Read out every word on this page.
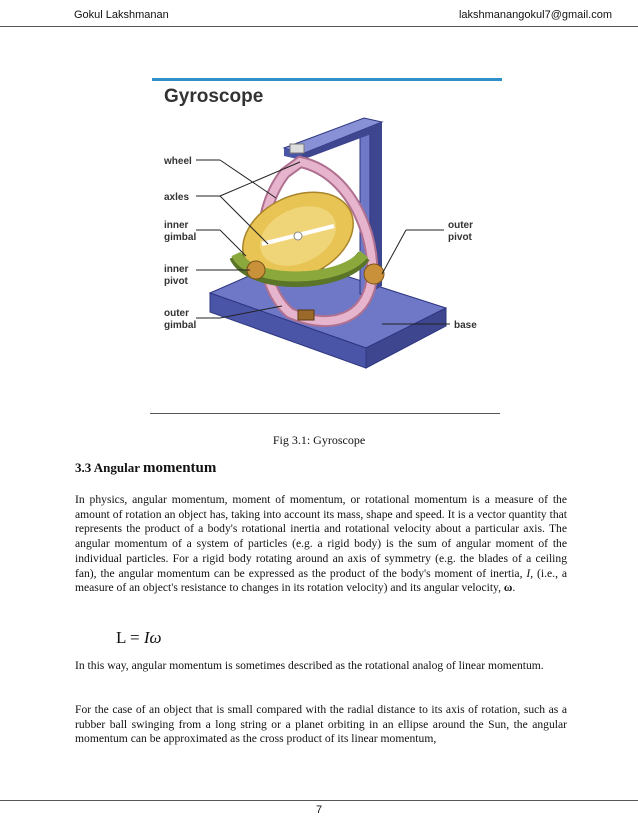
Gokul Lakshmanan	lakshmanangokul7@gmail.com
Gyroscope
wheel
axles
inner
gimbal
inner
pivot
outer
gimbal
outer
pivot
base
Fig 3.1: Gyroscope
3.3 Angular momentum
In physics, angular momentum, moment of momentum, or rotational momentum is a measure of the amount of rotation an object has, taking into account its mass, shape and speed. It is a vector quantity that represents the product of a body's rotational inertia and rotational velocity about a particular axis. The angular momentum of a system of particles (e.g. a rigid body) is the sum of angular moment of the individual particles. For a rigid body rotating around an axis of symmetry (e.g. the blades of a ceiling fan), the angular momentum can be expressed as the product of the body's moment of inertia, I, (i.e., a measure of an object's resistance to changes in its rotation velocity) and its angular velocity, ω.
L = Iω
In this way, angular momentum is sometimes described as the rotational analog of linear momentum.
For the case of an object that is small compared with the radial distance to its axis of rotation, such as a rubber ball swinging from a long string or a planet orbiting in an ellipse around the Sun, the angular momentum can be approximated as the cross product of its linear momentum,
7
